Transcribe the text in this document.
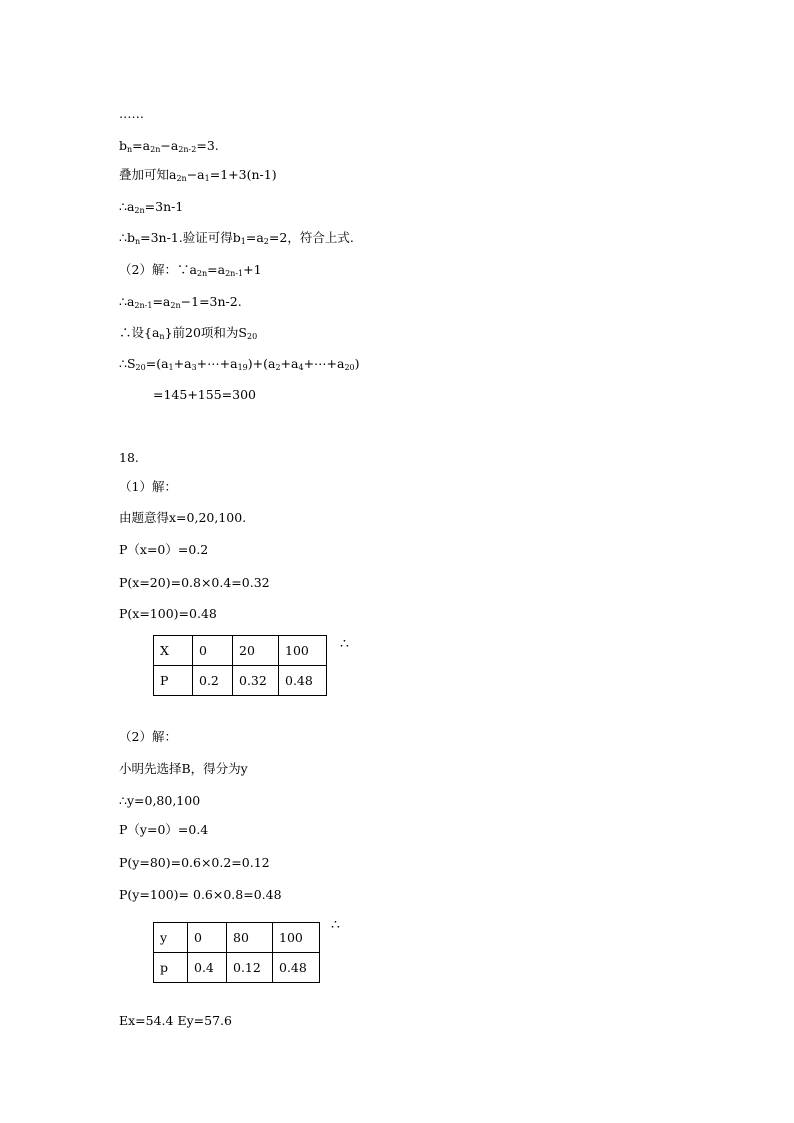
……
$b_n=a_{2n}-a_{2n-2}=3$.
叠加可知$a_{2n}-a_1=1+3(n-1)$
$\therefore a_{2n}=3n-1$
$\therefore b_n=3n-1$.验证可得$b_1=a_2=2$，符合上式.
（2）解：$\because a_{2n}=a_{2n-1}+1$
$\therefore a_{2n-1}=a_{2n}-1=3n-2$.
∴设$\{a_n\}$前20项和为$S_{20}$
$\therefore S_{20}=(a_1+a_3+\cdots+a_{19})+(a_2+a_4+\cdots+a_{20})$
=145+155=300
18.
（1）解：
由题意得x=0,20,100.
P（x=0）=0.2
P(x=20)=0.8×0.4=0.32
P(x=100)=0.48
X	0	20	100
P	0.2	0.32	0.48
∴
（2）解：
小明先选择B，得分为y
∴y=0,80,100
P（y=0）=0.4
P(y=80)=0.6×0.2=0.12
P(y=100)= 0.6×0.8=0.48
y	0	80	100
p	0.4	0.12	0.48
∴
Ex=54.4 Ey=57.6
